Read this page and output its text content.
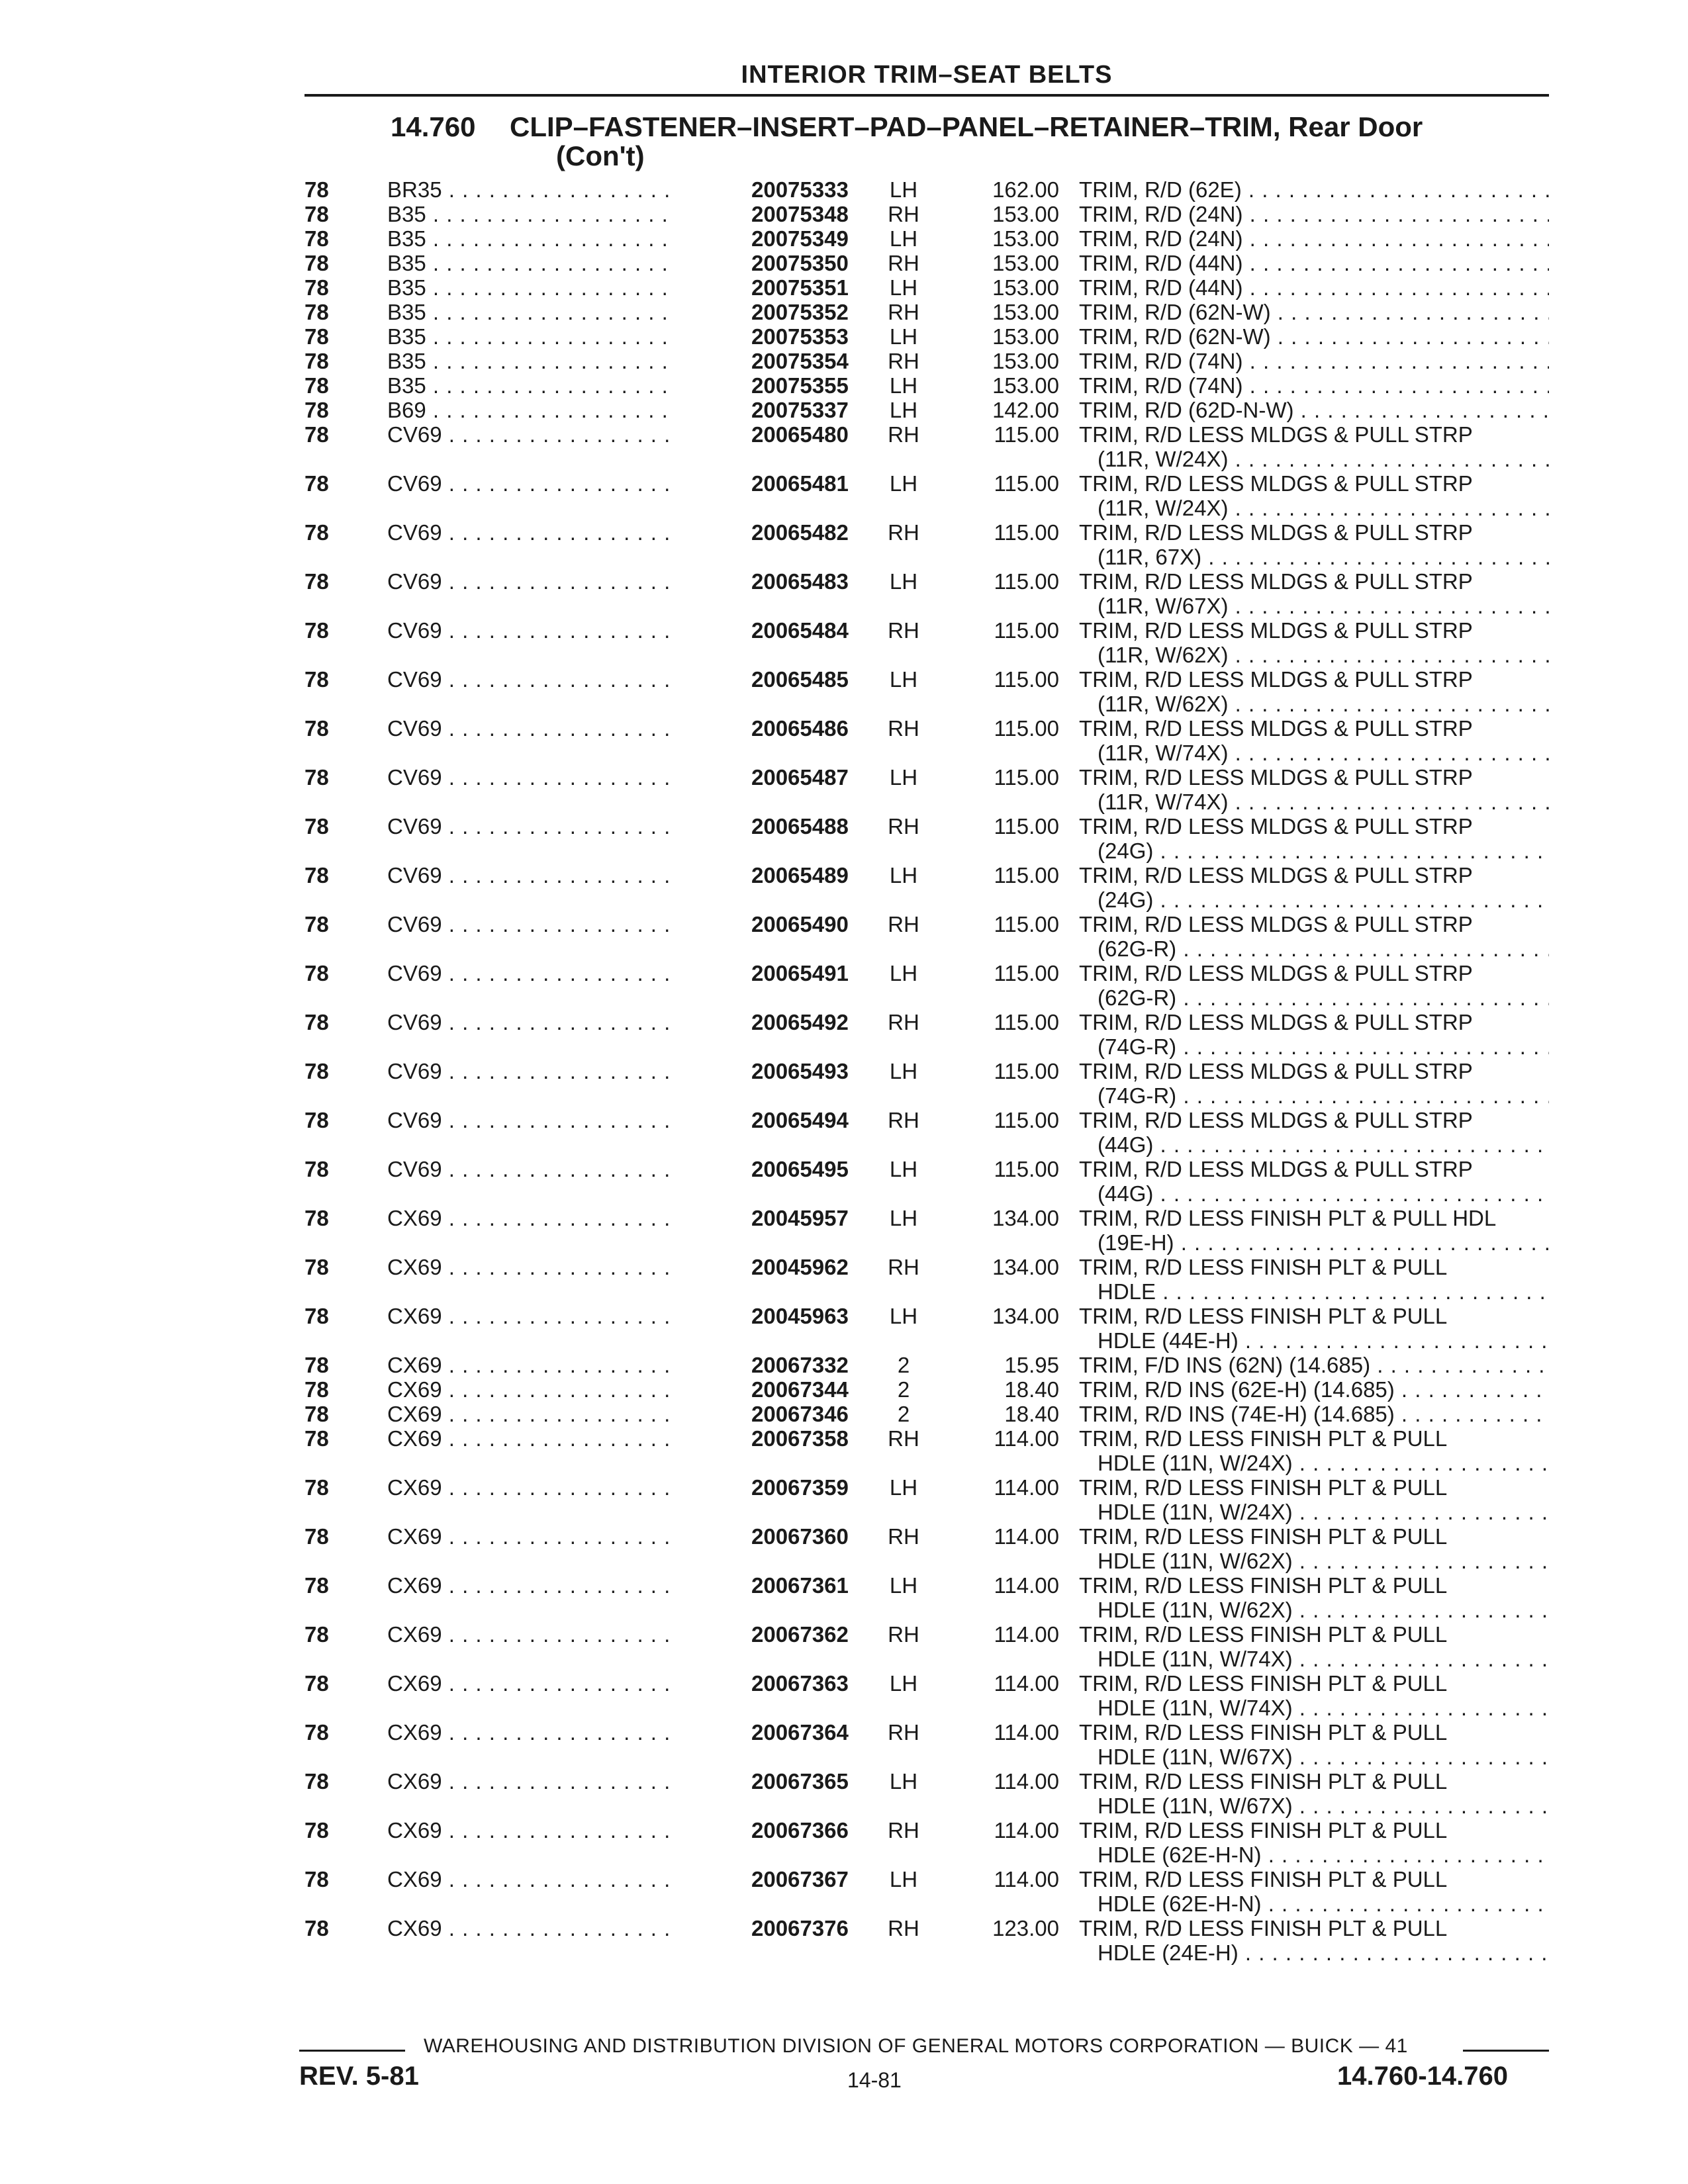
INTERIOR TRIM–SEAT BELTS
14.760 CLIP–FASTENER–INSERT–PAD–PANEL–RETAINER–TRIM, Rear Door
(Con't)
78	BR35 . . .	20075333	LH	162.00 TRIM, R/D (62E) . . .
78	B35 . . .	20075348	RH	153.00 TRIM, R/D (24N) . . .
78	B35 . . .	20075349	LH	153.00 TRIM, R/D (24N) . . .
78	B35 . . .	20075350	RH	153.00 TRIM, R/D (44N) . . .
78	B35 . . .	20075351	LH	153.00 TRIM, R/D (44N) . . .
78	B35 . . .	20075352	RH	153.00 TRIM, R/D (62N-W) . . .
78	B35 . . .	20075353	LH	153.00 TRIM, R/D (62N-W) . . .
78	B35 . . .	20075354	RH	153.00 TRIM, R/D (74N) . . .
78	B35 . . .	20075355	LH	153.00 TRIM, R/D (74N) . . .
78	B69 . . .	20075337	LH	142.00 TRIM, R/D (62D-N-W) . . .
78	CV69 . . .	20065480	RH	115.00 TRIM, R/D LESS MLDGS & PULL STRP
(11R, W/24X) . . .
78	CV69 . . .	20065481	LH	115.00 TRIM, R/D LESS MLDGS & PULL STRP
(11R, W/24X) . . .
78	CV69 . . .	20065482	RH	115.00 TRIM, R/D LESS MLDGS & PULL STRP
(11R, 67X) . . .
78	CV69 . . .	20065483	LH	115.00 TRIM, R/D LESS MLDGS & PULL STRP
(11R, W/67X) . . .
78	CV69 . . .	20065484	RH	115.00 TRIM, R/D LESS MLDGS & PULL STRP
(11R, W/62X) . . .
78	CV69 . . .	20065485	LH	115.00 TRIM, R/D LESS MLDGS & PULL STRP
(11R, W/62X) . . .
78	CV69 . . .	20065486	RH	115.00 TRIM, R/D LESS MLDGS & PULL STRP
(11R, W/74X) . . .
78	CV69 . . .	20065487	LH	115.00 TRIM, R/D LESS MLDGS & PULL STRP
(11R, W/74X) . . .
78	CV69 . . .	20065488	RH	115.00 TRIM, R/D LESS MLDGS & PULL STRP
(24G) . . .
78	CV69 . . .	20065489	LH	115.00 TRIM, R/D LESS MLDGS & PULL STRP
(24G) . . .
78	CV69 . . .	20065490	RH	115.00 TRIM, R/D LESS MLDGS & PULL STRP
(62G-R) . . .
78	CV69 . . .	20065491	LH	115.00 TRIM, R/D LESS MLDGS & PULL STRP
(62G-R) . . .
78	CV69 . . .	20065492	RH	115.00 TRIM, R/D LESS MLDGS & PULL STRP
(74G-R) . . .
78	CV69 . . .	20065493	LH	115.00 TRIM, R/D LESS MLDGS & PULL STRP
(74G-R) . . .
78	CV69 . . .	20065494	RH	115.00 TRIM, R/D LESS MLDGS & PULL STRP
(44G) . . .
78	CV69 . . .	20065495	LH	115.00 TRIM, R/D LESS MLDGS & PULL STRP
(44G) . . .
78	CX69 . . .	20045957	LH	134.00 TRIM, R/D LESS FINISH PLT & PULL HDL
(19E-H) . . .
78	CX69 . . .	20045962	RH	134.00 TRIM, R/D LESS FINISH PLT & PULL
HDLE . . .
78	CX69 . . .	20045963	LH	134.00 TRIM, R/D LESS FINISH PLT & PULL
HDLE (44E-H) . . .
78	CX69 . . .	20067332	2	15.95 TRIM, F/D INS (62N) (14.685) . . .
78	CX69 . . .	20067344	2	18.40 TRIM, R/D INS (62E-H) (14.685) . . .
78	CX69 . . .	20067346	2	18.40 TRIM, R/D INS (74E-H) (14.685) . . .
78	CX69 . . .	20067358	RH	114.00 TRIM, R/D LESS FINISH PLT & PULL
HDLE (11N, W/24X) . . .
78	CX69 . . .	20067359	LH	114.00 TRIM, R/D LESS FINISH PLT & PULL
HDLE (11N, W/24X) . . .
78	CX69 . . .	20067360	RH	114.00 TRIM, R/D LESS FINISH PLT & PULL
HDLE (11N, W/62X) . . .
78	CX69 . . .	20067361	LH	114.00 TRIM, R/D LESS FINISH PLT & PULL
HDLE (11N, W/62X) . . .
78	CX69 . . .	20067362	RH	114.00 TRIM, R/D LESS FINISH PLT & PULL
HDLE (11N, W/74X) . . .
78	CX69 . . .	20067363	LH	114.00 TRIM, R/D LESS FINISH PLT & PULL
HDLE (11N, W/74X) . . .
78	CX69 . . .	20067364	RH	114.00 TRIM, R/D LESS FINISH PLT & PULL
HDLE (11N, W/67X) . . .
78	CX69 . . .	20067365	LH	114.00 TRIM, R/D LESS FINISH PLT & PULL
HDLE (11N, W/67X) . . .
78	CX69 . . .	20067366	RH	114.00 TRIM, R/D LESS FINISH PLT & PULL
HDLE (62E-H-N) . . .
78	CX69 . . .	20067367	LH	114.00 TRIM, R/D LESS FINISH PLT & PULL
HDLE (62E-H-N) . . .
78	CX69 . . .	20067376	RH	123.00 TRIM, R/D LESS FINISH PLT & PULL
HDLE (24E-H) . . .
WAREHOUSING AND DISTRIBUTION DIVISION OF GENERAL MOTORS CORPORATION — BUICK — 41
REV. 5-81	14-81	14.760-14.760
